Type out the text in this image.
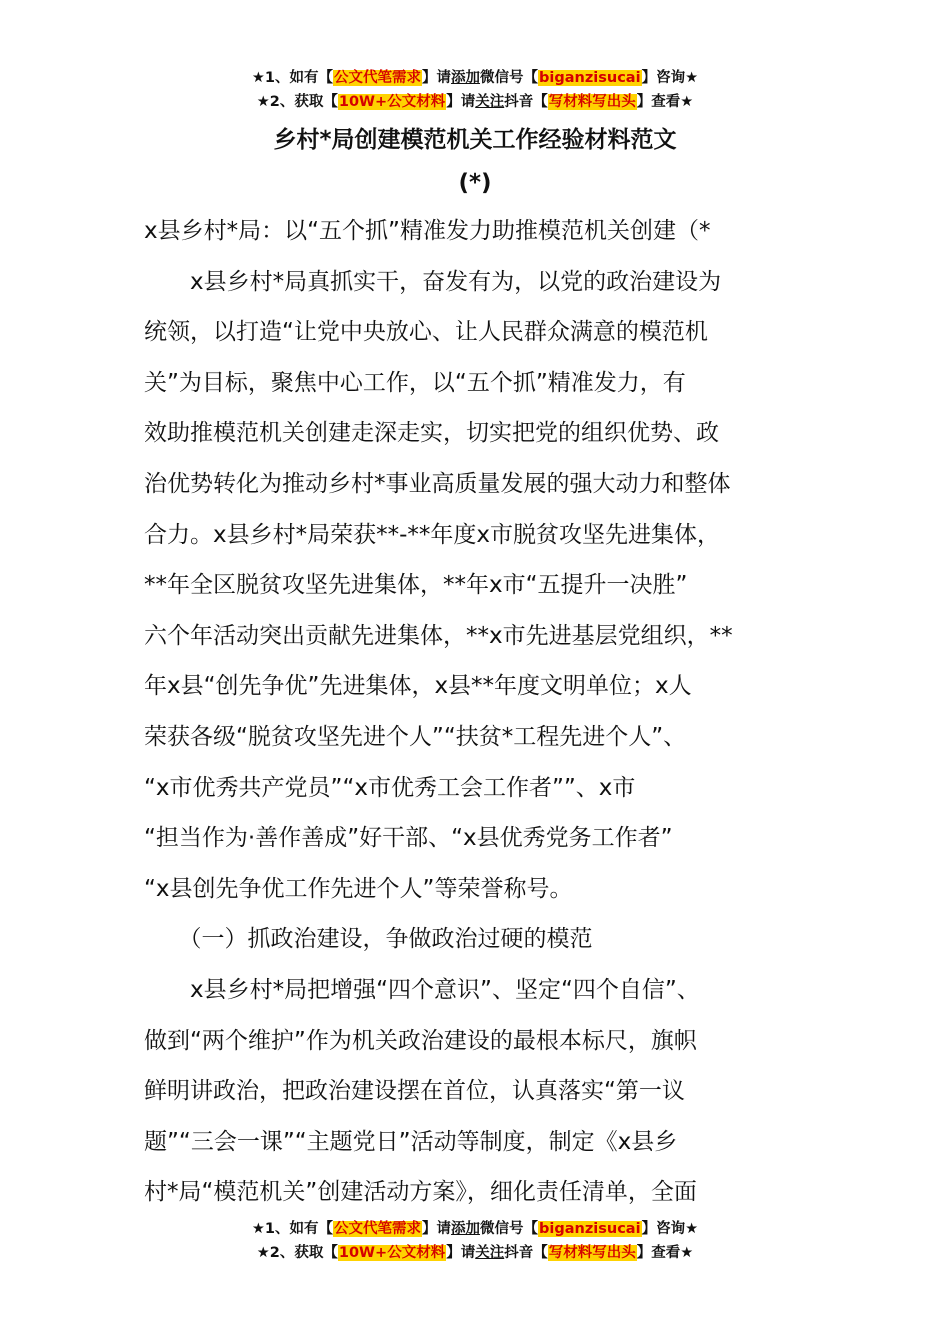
★1、如有【公文代笔需求】请添加微信号【biganzisucai】咨询★
★2、获取【10W+公文材料】请关注抖音【写材料写出头】查看★
乡村*局创建模范机关工作经验材料范文
(*)
x县乡村*局：以“五个抓”精准发力助推模范机关创建（*
　　x县乡村*局真抓实干，奋发有为，以党的政治建设为
统领，以打造“让党中央放心、让人民群众满意的模范机
关”为目标，聚焦中心工作，以“五个抓”精准发力，有
效助推模范机关创建走深走实，切实把党的组织优势、政
治优势转化为推动乡村*事业高质量发展的强大动力和整体
合力。x县乡村*局荣获**-**年度x市脱贫攻坚先进集体，
**年全区脱贫攻坚先进集体，**年x市“五提升一决胜”
六个年活动突出贡献先进集体，**x市先进基层党组织，**
年x县“创先争优”先进集体，x县**年度文明单位；x人
荣获各级“脱贫攻坚先进个人”“扶贫*工程先进个人”、
“x市优秀共产党员”“x市优秀工会工作者””、x市
“担当作为·善作善成”好干部、“x县优秀党务工作者”
“x县创先争优工作先进个人”等荣誉称号。
　　（一）抓政治建设，争做政治过硬的模范
　　x县乡村*局把增强“四个意识”、坚定“四个自信”、
做到“两个维护”作为机关政治建设的最根本标尺，旗帜
鲜明讲政治，把政治建设摆在首位，认真落实“第一议
题”“三会一课”“主题党日”活动等制度，制定《x县乡
村*局“模范机关”创建活动方案》，细化责任清单，全面
★1、如有【公文代笔需求】请添加微信号【biganzisucai】咨询★
★2、获取【10W+公文材料】请关注抖音【写材料写出头】查看★
